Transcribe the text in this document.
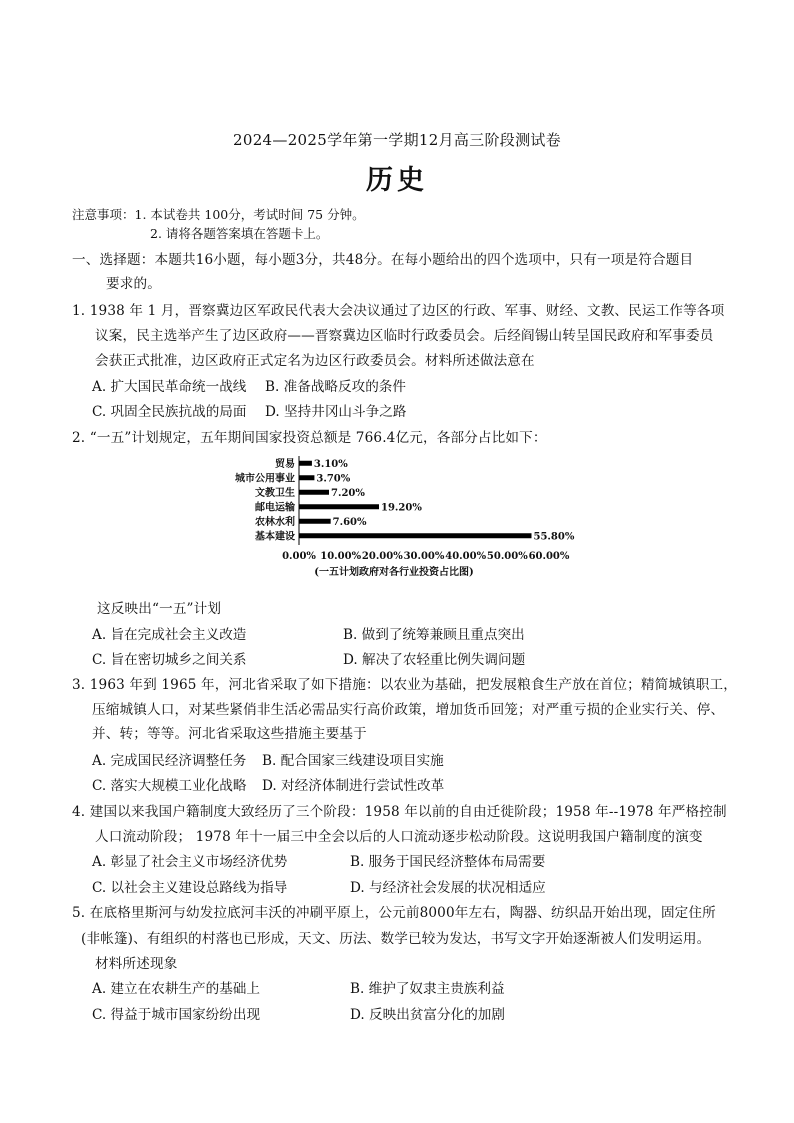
2024—2025学年第一学期12月高三阶段测试卷
历史
注意事项：1. 本试卷共 100分，考试时间 75 分钟。
2. 请将各题答案填在答题卡上。
一、选择题：本题共16小题，每小题3分，共48分。在每小题给出的四个选项中，只有一项是符合题目
要求的。
1. 1938 年 1 月，晋察冀边区军政民代表大会决议通过了边区的行政、军事、财经、文教、民运工作等各项
议案，民主选举产生了边区政府——晋察冀边区临时行政委员会。后经阎锡山转呈国民政府和军事委员
会获正式批准，边区政府正式定名为边区行政委员会。材料所述做法意在
A. 扩大国民革命统一战线 B. 准备战略反攻的条件
C. 巩固全民族抗战的局面 D. 坚持井冈山斗争之路
2. “一五”计划规定，五年期间国家投资总额是 766.4亿元，各部分占比如下：
贸易 3.10%
城市公用事业 3.70%
文教卫生	7.20%
邮电运输	19.20%
农林水利	7.60%
基本建设	55.80%
0.00% 10.00% 20.00% 30.00% 40.00% 50.00% 60.00%
(一五计划政府对各行业投资占比图)
这反映出“一五”计划
A. 旨在完成社会主义改造	B. 做到了统筹兼顾且重点突出
C. 旨在密切城乡之间关系	D. 解决了农轻重比例失调问题
3. 1963 年到 1965 年，河北省采取了如下措施：以农业为基础，把发展粮食生产放在首位；精简城镇职工，
压缩城镇人口，对某些紧俏非生活必需品实行高价政策，增加货币回笼；对严重亏损的企业实行关、停、
并、转；等等。河北省采取这些措施主要基于
A. 完成国民经济调整任务 B. 配合国家三线建设项目实施
C. 落实大规模工业化战略 D. 对经济体制进行尝试性改革
4. 建国以来我国户籍制度大致经历了三个阶段：1958 年以前的自由迁徙阶段；1958 年--1978 年严格控制
人口流动阶段； 1978 年十一届三中全会以后的人口流动逐步松动阶段。这说明我国户籍制度的演变
A. 彰显了社会主义市场经济优势	B. 服务于国民经济整体布局需要
C. 以社会主义建设总路线为指导	D. 与经济社会发展的状况相适应
5. 在底格里斯河与幼发拉底河丰沃的冲刷平原上，公元前8000年左右，陶器、纺织品开始出现，固定住所
(非帐篷)、有组织的村落也已形成，天文、历法、数学已较为发达，书写文字开始逐渐被人们发明运用。
材料所述现象
A. 建立在农耕生产的基础上	B. 维护了奴隶主贵族利益
C. 得益于城市国家纷纷出现	D. 反映出贫富分化的加剧
